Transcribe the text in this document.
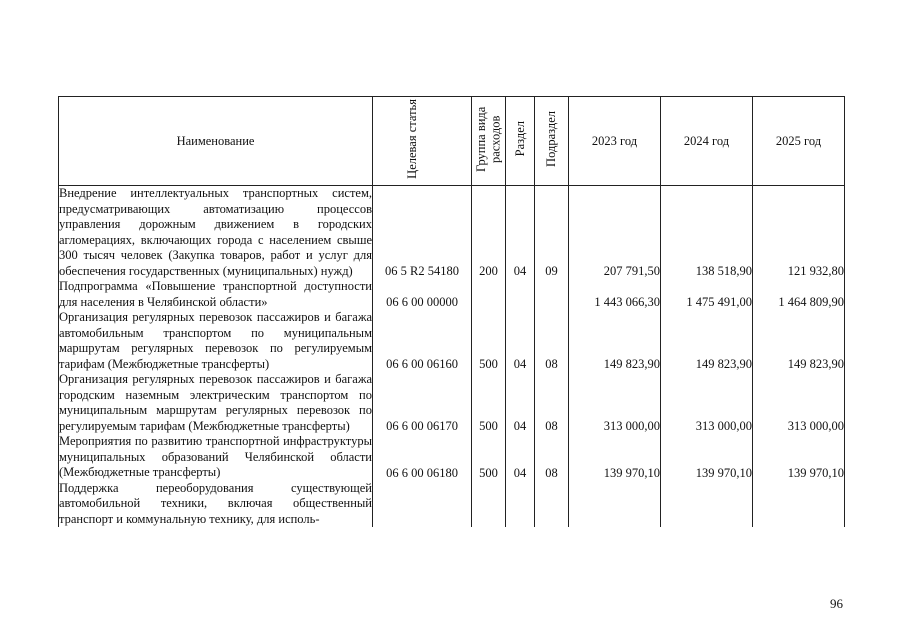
Наименование	Целевая статья	Группа вида расходов	Раздел	Подраздел	2023 год	2024 год	2025 год
Внедрение интеллектуальных транспортных систем, предусматривающих автоматизацию процессов управления дорожным движением в городских агломерациях, включающих города с населением свыше 300 тысяч человек (Закупка товаров, работ и услуг для обеспечения государственных (муниципальных) нужд)	06 5 R2 54180	200	04	09	207 791,50	138 518,90	121 932,80
Подпрограмма «Повышение транспортной доступности для населения в Челябинской области»	06 6 00 00000				1 443 066,30	1 475 491,00	1 464 809,90
Организация регулярных перевозок пассажиров и багажа автомобильным транспортом по муниципальным маршрутам регулярных перевозок по регулируемым тарифам (Межбюджетные трансферты)	06 6 00 06160	500	04	08	149 823,90	149 823,90	149 823,90
Организация регулярных перевозок пассажиров и багажа городским наземным электрическим транспортом по муниципальным маршрутам регулярных перевозок по регулируемым тарифам (Межбюджетные трансферты)	06 6 00 06170	500	04	08	313 000,00	313 000,00	313 000,00
Мероприятия по развитию транспортной инфраструктуры муниципальных образований Челябинской области (Межбюджетные трансферты)	06 6 00 06180	500	04	08	139 970,10	139 970,10	139 970,10
Поддержка переоборудования существующей автомобильной техники, включая общественный транспорт и коммунальную технику, для исполь-							
96
